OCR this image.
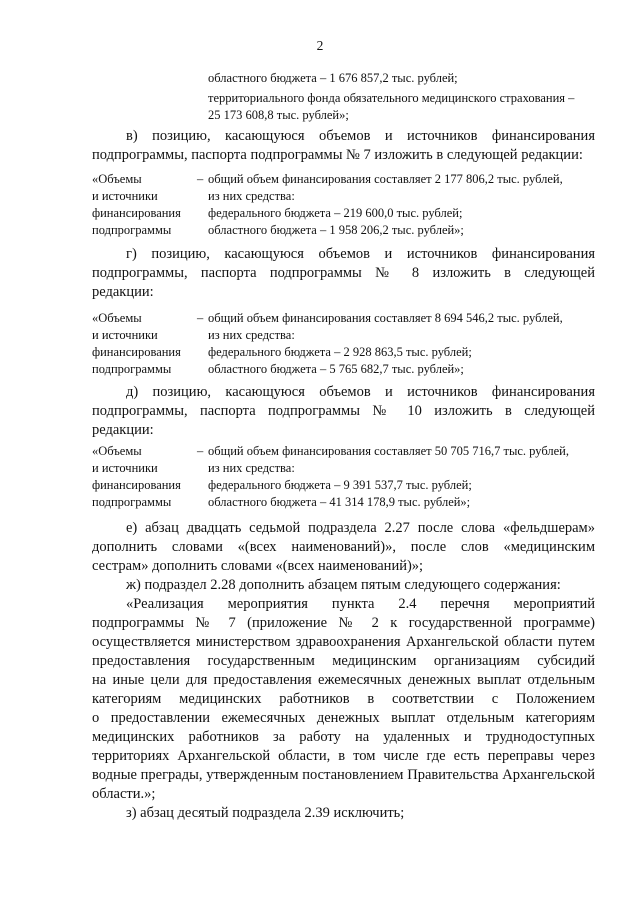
2
областного бюджета – 1 676 857,2 тыс. рублей;
территориального фонда обязательного медицинского страхования –
25 173 608,8 тыс. рублей»;
в) позицию, касающуюся объемов и источников финансирования
подпрограммы, паспорта подпрограммы № 7 изложить в следующей редакции:
«Объемы
и источники
финансирования
подпрограммы
– общий объем финансирования составляет 2 177 806,2 тыс. рублей,
из них средства:
федерального бюджета – 219 600,0 тыс. рублей;
областного бюджета – 1 958 206,2 тыс. рублей»;
г) позицию, касающуюся объемов и источников финансирования
подпрограммы, паспорта подпрограммы № 8 изложить в следующей
редакции:
«Объемы
и источники
финансирования
подпрограммы
– общий объем финансирования составляет 8 694 546,2 тыс. рублей,
из них средства:
федерального бюджета – 2 928 863,5 тыс. рублей;
областного бюджета – 5 765 682,7 тыс. рублей»;
д) позицию, касающуюся объемов и источников финансирования
подпрограммы, паспорта подпрограммы № 10 изложить в следующей
редакции:
«Объемы
и источники
финансирования
подпрограммы
– общий объем финансирования составляет 50 705 716,7 тыс. рублей,
из них средства:
федерального бюджета – 9 391 537,7 тыс. рублей;
областного бюджета – 41 314 178,9 тыс. рублей»;
е) абзац двадцать седьмой подраздела 2.27 после слова «фельдшерам»
дополнить словами «(всех наименований)», после слов «медицинским
сестрам» дополнить словами «(всех наименований)»;
ж) подраздел 2.28 дополнить абзацем пятым следующего содержания:
«Реализация мероприятия пункта 2.4 перечня мероприятий
подпрограммы № 7 (приложение № 2 к государственной программе)
осуществляется министерством здравоохранения Архангельской области путем
предоставления государственным медицинским организациям субсидий
на иные цели для предоставления ежемесячных денежных выплат отдельным
категориям медицинских работников в соответствии с Положением
о предоставлении ежемесячных денежных выплат отдельным категориям
медицинских работников за работу на удаленных и труднодоступных
территориях Архангельской области, в том числе где есть переправы через
водные преграды, утвержденным постановлением Правительства Архангельской
области.»;
з) абзац десятый подраздела 2.39 исключить;
